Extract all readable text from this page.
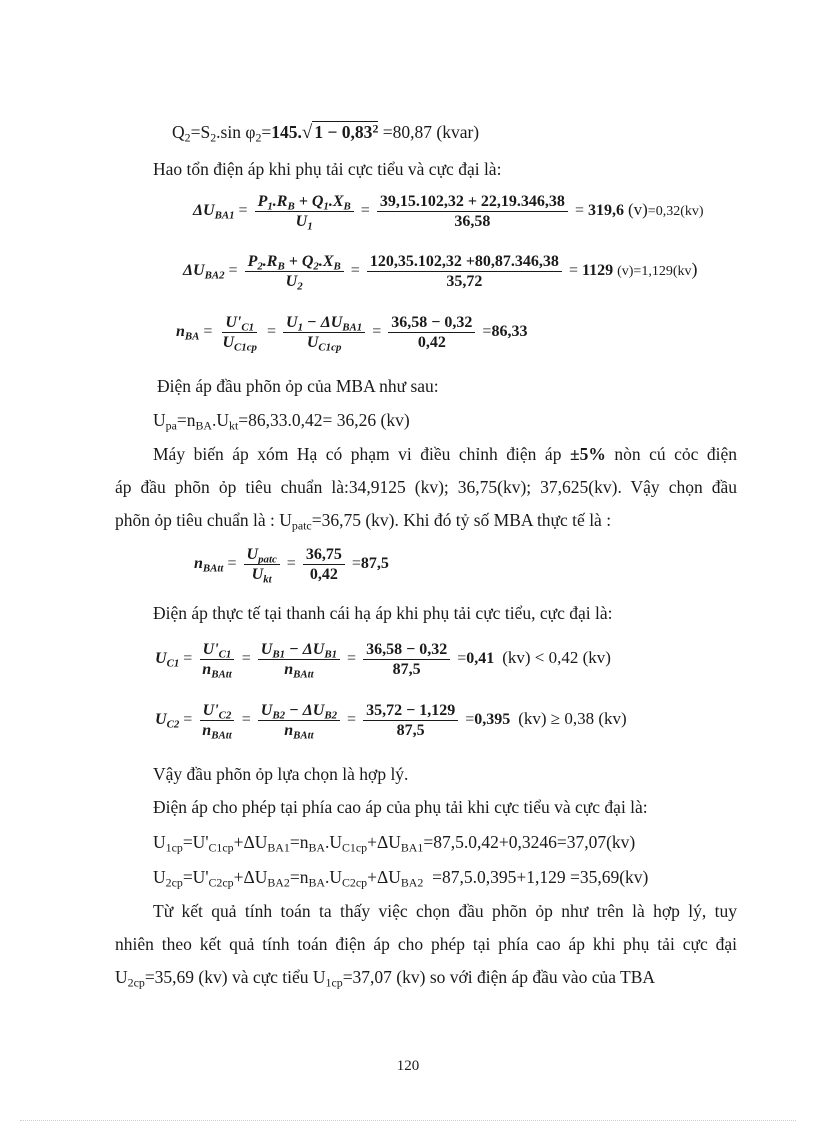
$Q_2=S_2.\sin$ $\varphi_2=145.√$ $1 - 0,83^2 =80,87$ (kvar)
Hao tổn điện áp khi phụ tải cực tiểu và cực đại là:
$\Delta U_{BA1} = \frac{P_1.R_B + Q_1.X_B}{U_1} = \frac{39,15.102,32 + 22,19.346,38}{36,58} = 319,6$ (v)=0,32(kv)
$\Delta U_{BA2} = \frac{P_2.R_B + Q_2.X_B}{U_2} = \frac{120,35.102,32 +80,87.346,38}{35,72} = 1129$ (v)=1,129(kv)
$n_{BA} = \frac{U'_{C1}}{U_{C1cp}} = \frac{U_1 - \Delta U_{BA1}}{U_{C1cp}} = \frac{36,58 - 0,32}{0,42} =86,33$
Điện áp đầu phõn ỏp của MBA như sau:
$U_{pa}=n_{BA}.U_{kt}=86,33.0,42= 36,26$ (kv)
Máy biến áp xóm Hạ có phạm vi điều chỉnh điện áp ±5% nòn cú cỏc điện
áp đầu phõn ỏp tiêu chuẩn là:34,9125 (kv); 36,75(kv); 37,625(kv). Vậy chọn đầu
phõn ỏp tiêu chuẩn là : $U_{patc}=36,75$ (kv). Khi đó tỷ số MBA thực tế là :
$n_{BAtt} = \frac{U_{patc}}{U_{kt}} = \frac{36,75}{0,42} =87,5$
Điện áp thực tế tại thanh cái hạ áp khi phụ tải cực tiểu, cực đại là:
$U_{C1} = \frac{U'_{C1}}{n_{BAtt}} = \frac{U_{B1} - \Delta U_{B1}}{n_{BAtt}} = \frac{36,58 - 0,32}{87,5} =0,41$ (kv) < 0,42 (kv)
$U_{C2} = \frac{U'_{C2}}{n_{BAtt}} = \frac{U_{B2} - \Delta U_{B2}}{n_{BAtt}} = \frac{35,72 - 1,129}{87,5} =0,395$ (kv) ≥ 0,38 (kv)
Vậy đầu phõn ỏp lựa chọn là hợp lý.
Điện áp cho phép tại phía cao áp của phụ tải khi cực tiểu và cực đại là:
$U_{1cp}=U'_{C1cp}+\Delta U_{BA1}=n_{BA}.U_{C1cp}+\Delta U_{BA1}=87,5.0,42+0,3246=37,07(kv)$
$U_{2cp}=U'_{C2cp}+\Delta U_{BA2}=n_{BA}.U_{C2cp}+\Delta U_{BA2} =87,5.0,395+1,129 =35,69(kv)$
Từ kết quả tính toán ta thấy việc chọn đầu phõn ỏp như trên là hợp lý, tuy
nhiên theo kết quả tính toán điện áp cho phép tại phía cao áp khi phụ tải cực đại
$U_{2cp}=35,69$ (kv) và cực tiểu $U_{1cp}=37,07$ (kv) so với điện áp đầu vào của TBA
120
